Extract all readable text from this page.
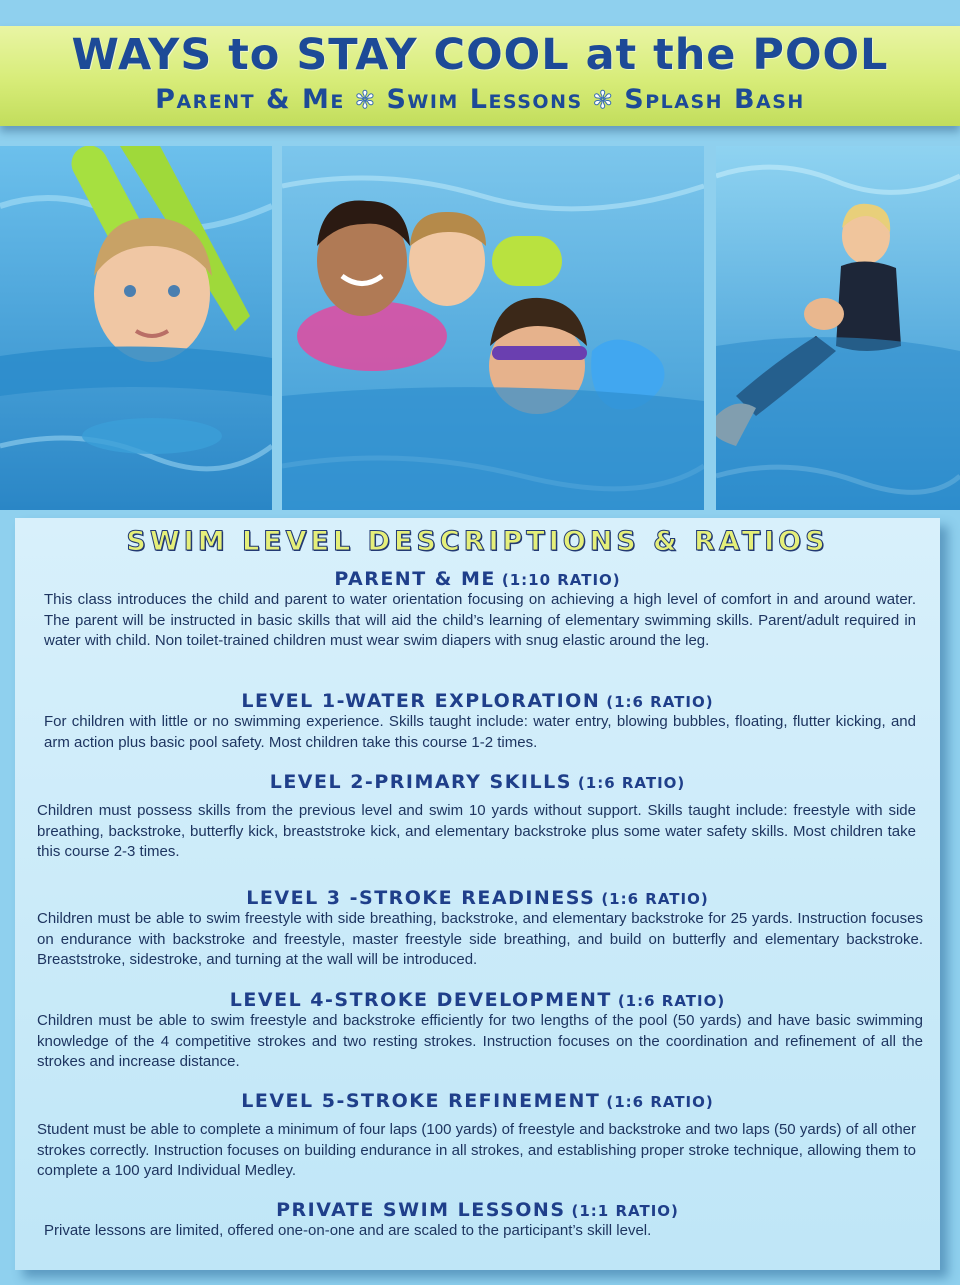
WAYS to STAY COOL at the POOL
Parent & Me ✼ Swim Lessons ✼ Splash Bash
SWIM LEVEL DESCRIPTIONS & RATIOS
PARENT & ME (1:10 RATIO)
This class introduces the child and parent to water orientation focusing on achieving a high level of comfort in and around water. The parent will be instructed in basic skills that will aid the child’s learning of elementary swimming skills. Parent/adult required in water with child. Non toilet-trained children must wear swim diapers with snug elastic around the leg.
LEVEL 1-WATER EXPLORATION (1:6 RATIO)
For children with little or no swimming experience. Skills taught include: water entry, blowing bubbles, floating, flutter kicking, and arm action plus basic pool safety. Most children take this course 1-2 times.
LEVEL 2-PRIMARY SKILLS (1:6 RATIO)
Children must possess skills from the previous level and swim 10 yards without support. Skills taught include: freestyle with side breathing, backstroke, butterfly kick, breaststroke kick, and elementary backstroke plus some water safety skills. Most children take this course 2-3 times.
LEVEL 3 -STROKE READINESS (1:6 RATIO)
Children must be able to swim freestyle with side breathing, backstroke, and elementary backstroke for 25 yards. Instruction focuses on endurance with backstroke and freestyle, master freestyle side breathing, and build on butterfly and elementary backstroke. Breaststroke, sidestroke, and turning at the wall will be introduced.
LEVEL 4-STROKE DEVELOPMENT (1:6 RATIO)
Children must be able to swim freestyle and backstroke efficiently for two lengths of the pool (50 yards) and have basic swimming knowledge of the 4 competitive strokes and two resting strokes. Instruction focuses on the coordination and refinement of all the strokes and increase distance.
LEVEL 5-STROKE REFINEMENT (1:6 RATIO)
Student must be able to complete a minimum of four laps (100 yards) of freestyle and backstroke and two laps (50 yards) of all other strokes correctly. Instruction focuses on building endurance in all strokes, and establishing proper stroke technique, allowing them to complete a 100 yard Individual Medley.
PRIVATE SWIM LESSONS (1:1 RATIO)
Private lessons are limited, offered one-on-one and are scaled to the participant’s skill level.
